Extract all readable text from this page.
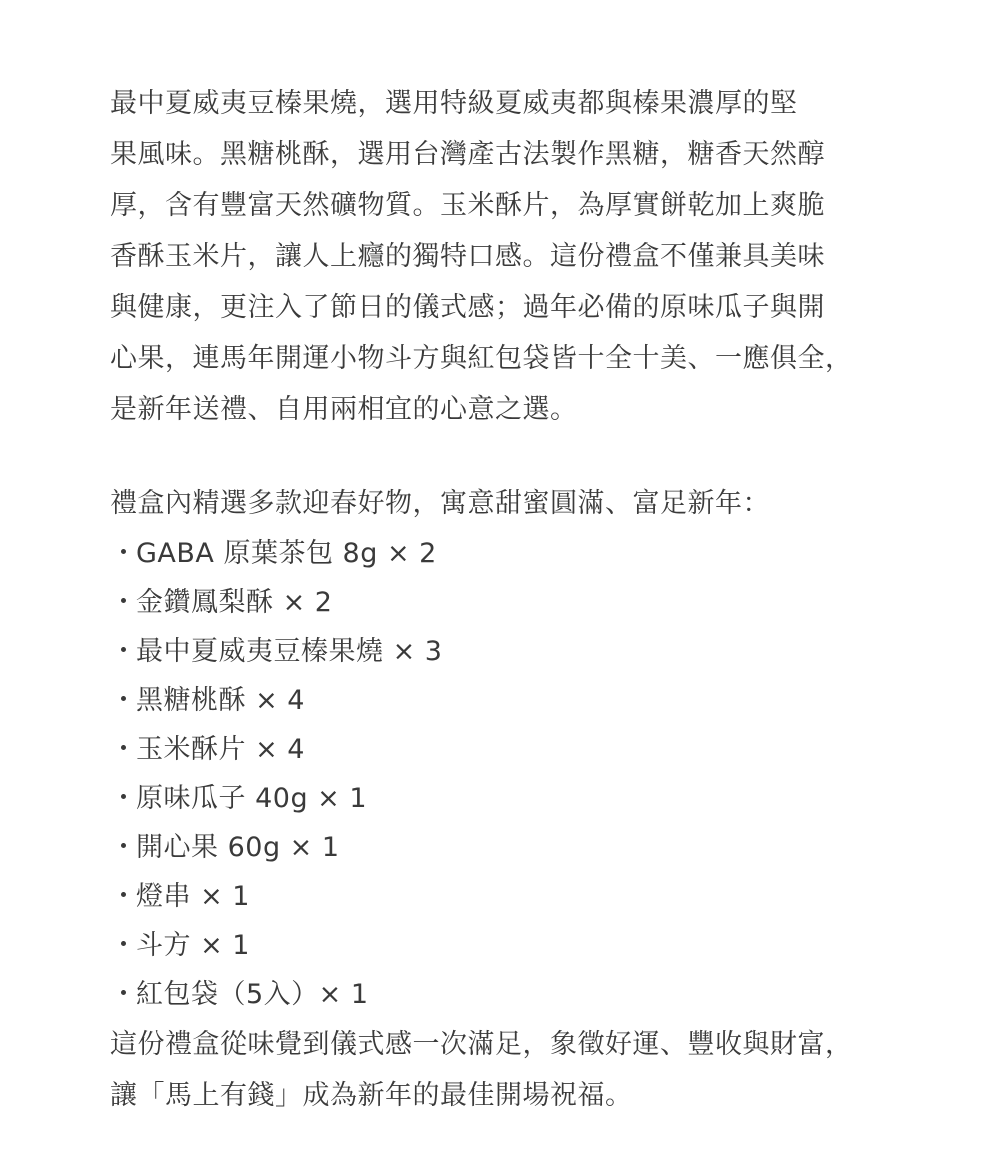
最中夏威夷豆榛果燒，選用特級夏威夷都與榛果濃厚的堅
果風味。黑糖桃酥，選用台灣產古法製作黑糖，糖香天然醇
厚，含有豐富天然礦物質。玉米酥片，為厚實餅乾加上爽脆
香酥玉米片，讓人上癮的獨特口感。這份禮盒不僅兼具美味
與健康，更注入了節日的儀式感；過年必備的原味瓜子與開
心果，連馬年開運小物斗方與紅包袋皆十全十美、一應俱全，
是新年送禮、自用兩相宜的心意之選。

禮盒內精選多款迎春好物，寓意甜蜜圓滿、富足新年：

・GABA 原葉茶包 8g × 2
・金鑽鳳梨酥 × 2
・最中夏威夷豆榛果燒 × 3
・黑糖桃酥 × 4
・玉米酥片 × 4
・原味瓜子 40g × 1
・開心果 60g × 1
・燈串 × 1
・斗方 × 1
・紅包袋（5入）× 1

這份禮盒從味覺到儀式感一次滿足，象徵好運、豐收與財富，
讓「馬上有錢」成為新年的最佳開場祝福。
